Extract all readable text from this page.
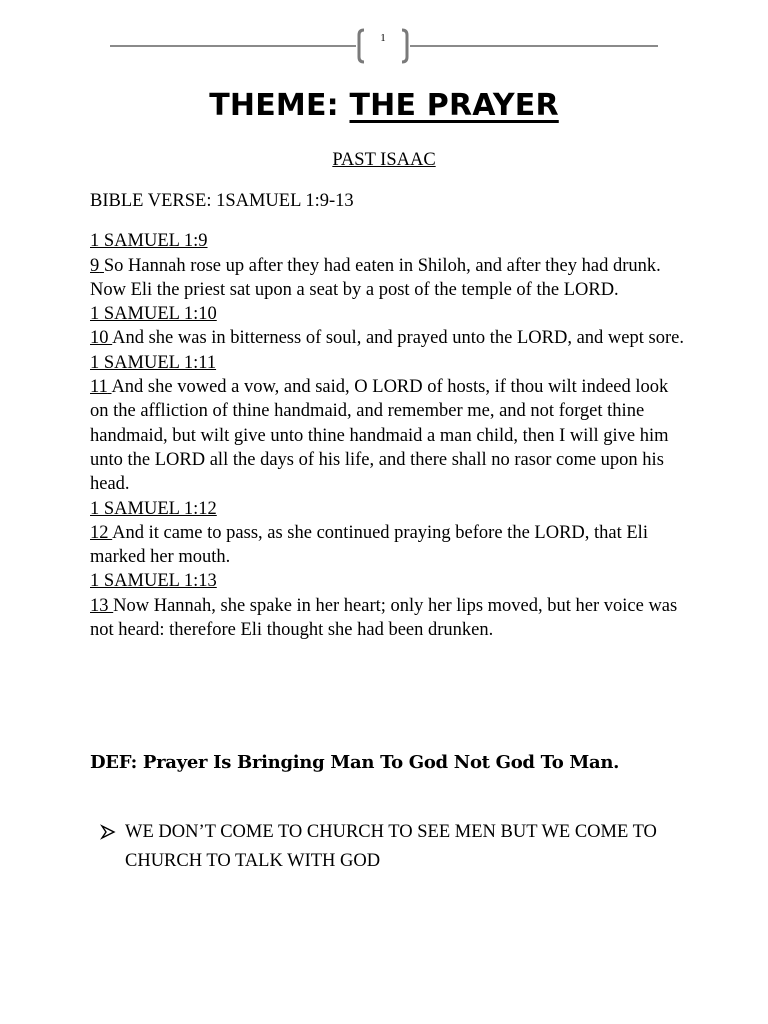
1
THEME: THE PRAYER
PAST ISAAC

BIBLE VERSE: 1SAMUEL 1:9-13

1 SAMUEL 1:9
9 So Hannah rose up after they had eaten in Shiloh, and after they had drunk. Now Eli the priest sat upon a seat by a post of the temple of the LORD.
1 SAMUEL 1:10
10 And she was in bitterness of soul, and prayed unto the LORD, and wept sore.
1 SAMUEL 1:11
11 And she vowed a vow, and said, O LORD of hosts, if thou wilt indeed look on the affliction of thine handmaid, and remember me, and not forget thine handmaid, but wilt give unto thine handmaid a man child, then I will give him unto the LORD all the days of his life, and there shall no rasor come upon his head.
1 SAMUEL 1:12
12 And it came to pass, as she continued praying before the LORD, that Eli marked her mouth.
1 SAMUEL 1:13
13 Now Hannah, she spake in her heart; only her lips moved, but her voice was not heard: therefore Eli thought she had been drunken.
DEF: Prayer Is Bringing Man To God Not God To Man.
WE DON’T COME TO CHURCH TO SEE MEN BUT WE COME TO CHURCH TO TALK WITH GOD
